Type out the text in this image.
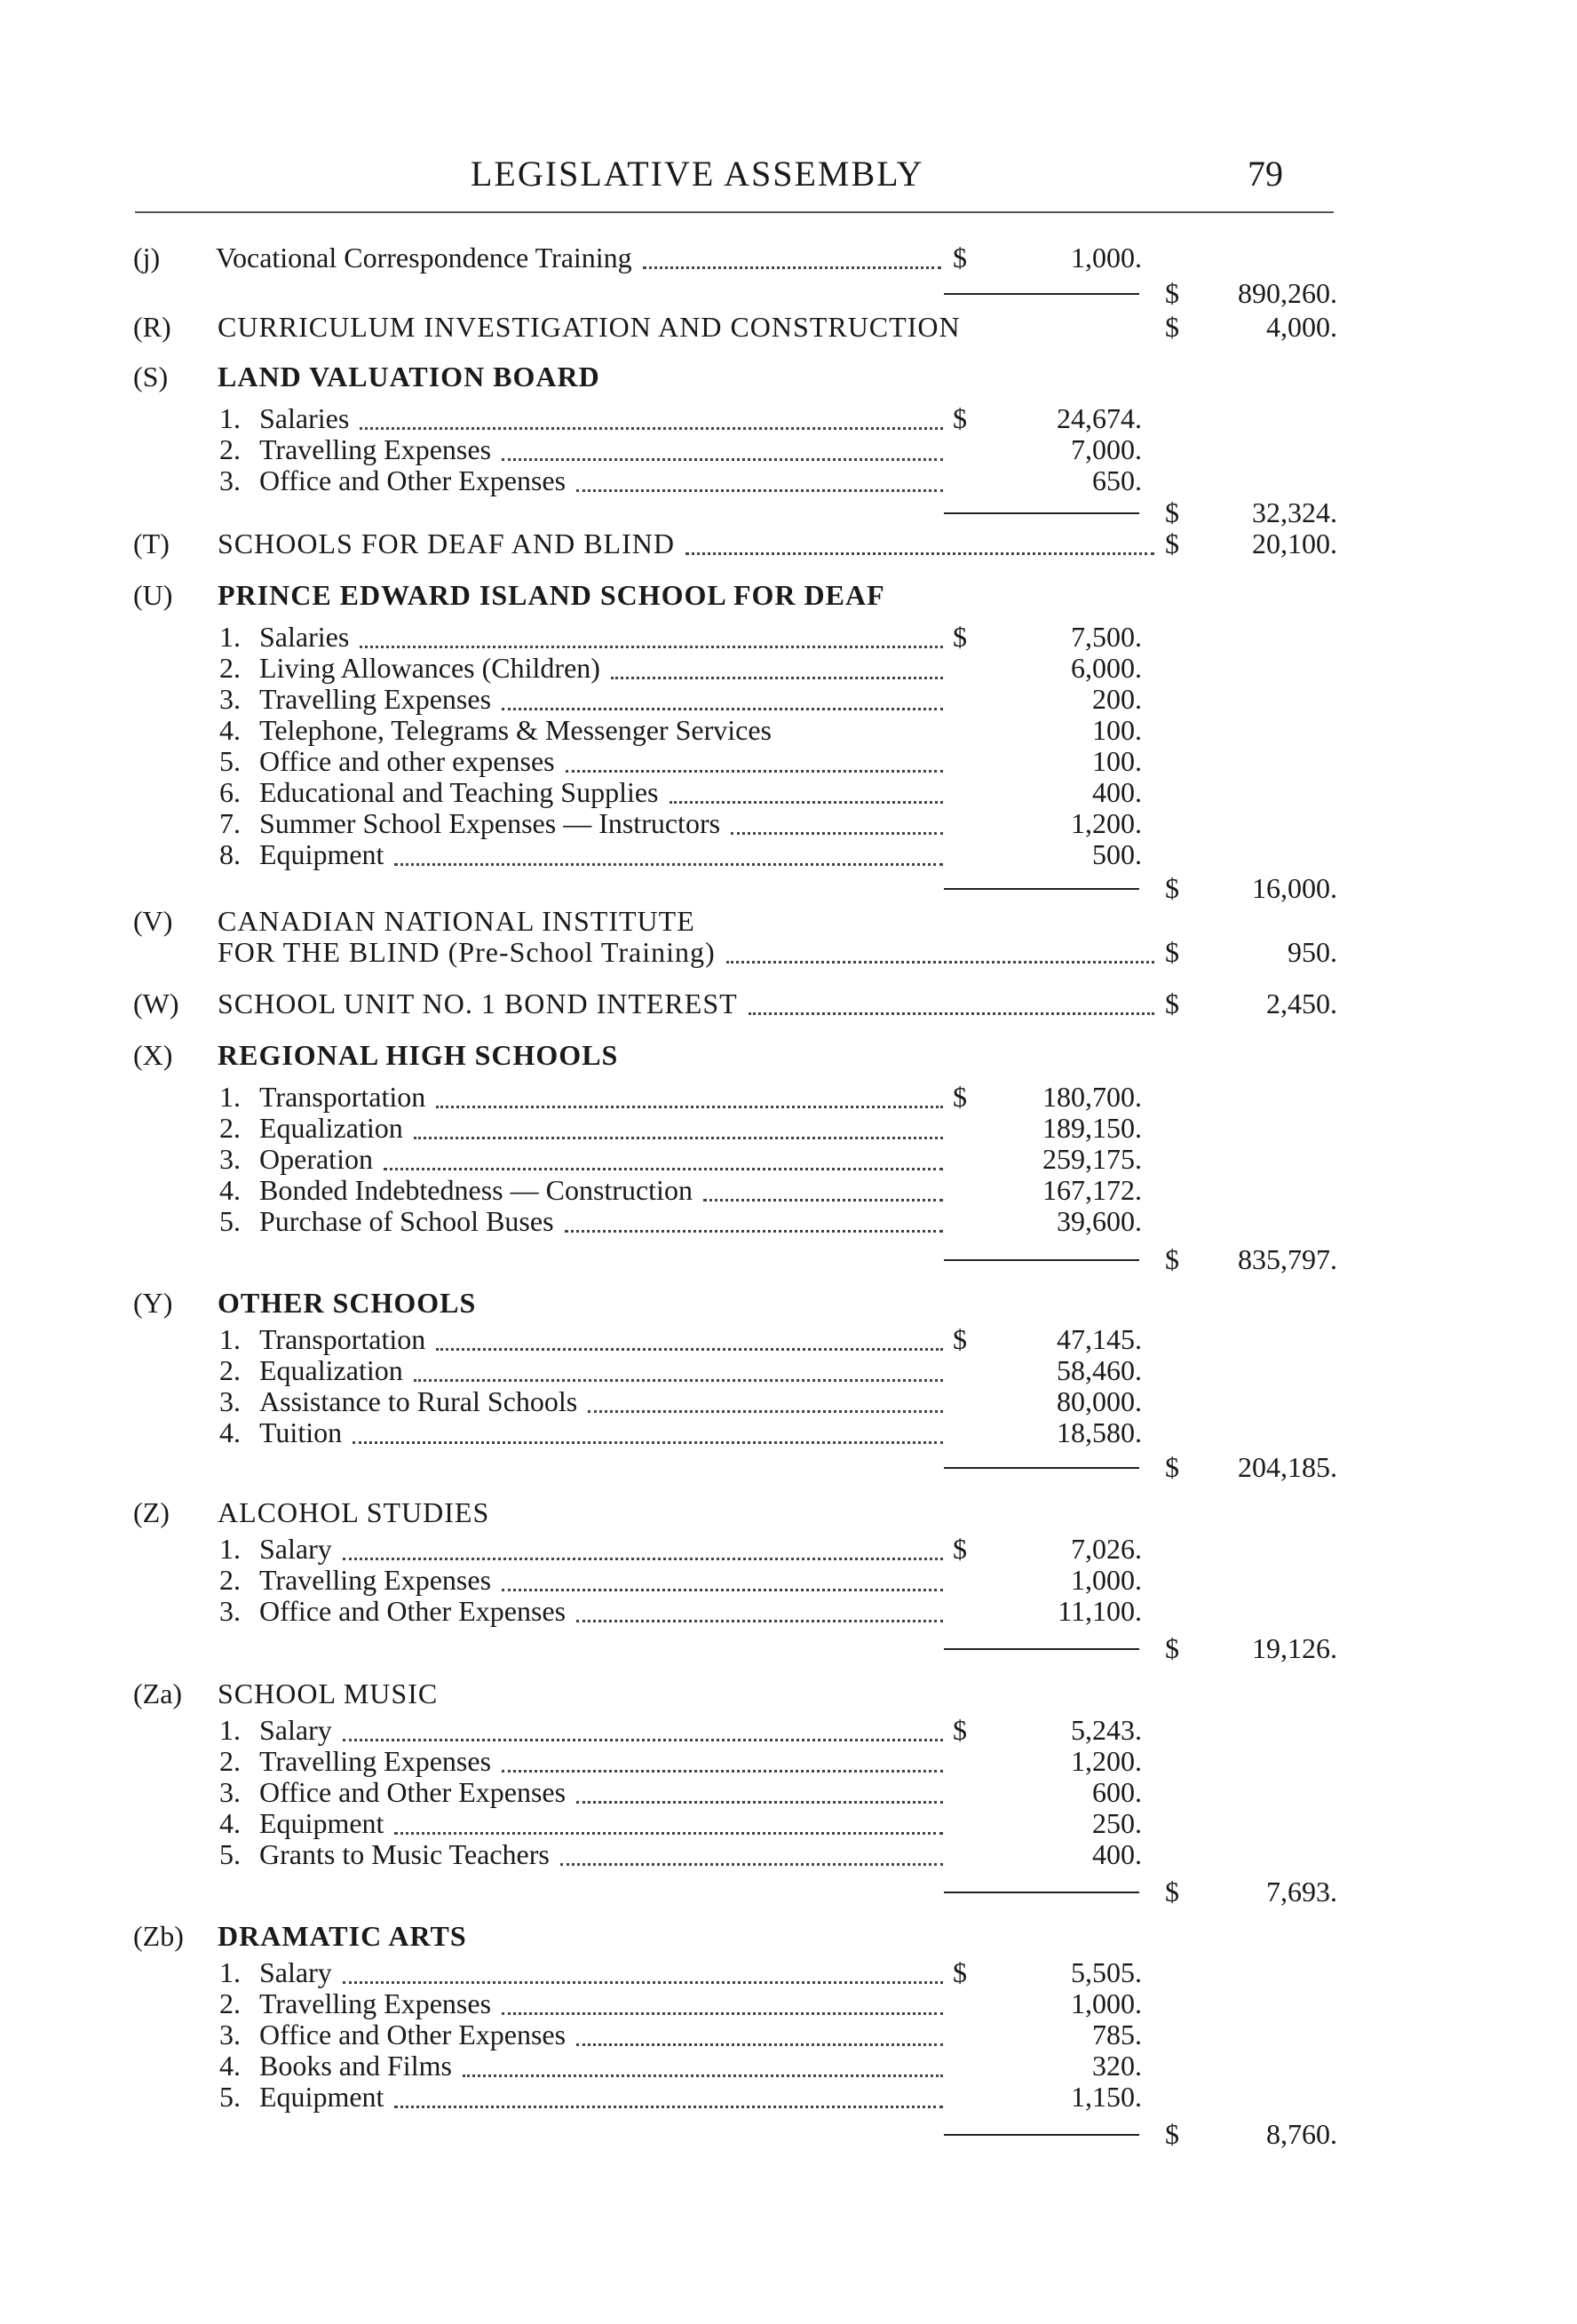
LEGISLATIVE ASSEMBLY	79
(j)	Vocational Correspondence Training	$	1,000.
$ 890,260.
(R)	CURRICULUM INVESTIGATION AND CONSTRUCTION	$	4,000.
(S)	LAND VALUATION BOARD
1. Salaries	$	24,674.
2. Travelling Expenses	7,000.
3. Office and Other Expenses	650.
$	32,324.
(T)	SCHOOLS FOR DEAF AND BLIND	$	20,100.
(U)	PRINCE EDWARD ISLAND SCHOOL FOR DEAF
1. Salaries	$	7,500.
2. Living Allowances (Children)	6,000.
3. Travelling Expenses	200.
4. Telephone, Telegrams & Messenger Services	100.
5. Office and other expenses	100.
6. Educational and Teaching Supplies	400.
7. Summer School Expenses — Instructors	1,200.
8. Equipment	500.
$	16,000.
(V)	CANADIAN NATIONAL INSTITUTE
FOR THE BLIND (Pre-School Training)	$	950.
(W)	SCHOOL UNIT NO. 1 BOND INTEREST	$	2,450.
(X)	REGIONAL HIGH SCHOOLS
1. Transportation	$	180,700.
2. Equalization	189,150.
3. Operation	259,175.
4. Bonded Indebtedness — Construction	167,172.
5. Purchase of School Buses	39,600.
$ 835,797.
(Y)	OTHER SCHOOLS
1. Transportation	$	47,145.
2. Equalization	58,460.
3. Assistance to Rural Schools	80,000.
4. Tuition	18,580.
$ 204,185.
(Z)	ALCOHOL STUDIES
1. Salary	$	7,026.
2. Travelling Expenses	1,000.
3. Office and Other Expenses	11,100.
$	19,126.
(Za)	SCHOOL MUSIC
1. Salary	$	5,243.
2. Travelling Expenses	1,200.
3. Office and Other Expenses	600.
4. Equipment	250.
5. Grants to Music Teachers	400.
$	7,693.
(Zb)	DRAMATIC ARTS
1. Salary	$	5,505.
2. Travelling Expenses	1,000.
3. Office and Other Expenses	785.
4. Books and Films	320.
5. Equipment	1,150.
$	8,760.
